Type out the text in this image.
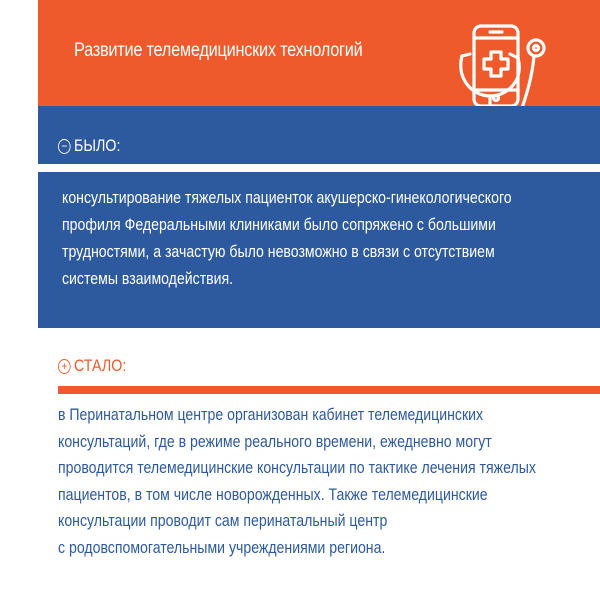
Развитие телемедицинских технологий
− БЫЛО:
консультирование тяжелых пациенток акушерско-гинекологического
профиля Федеральными клиниками было сопряжено с большими
трудностями, а зачастую было невозможно в связи с отсутствием
системы взаимодействия.
+ СТАЛО:
в Перинатальном центре организован кабинет телемедицинских
консультаций, где в режиме реального времени, ежедневно могут
проводится телемедицинские консультации по тактике лечения тяжелых
пациентов, в том числе новорожденных. Также телемедицинские
консультации проводит сам перинатальный центр
с родовспомогательными учреждениями региона.
